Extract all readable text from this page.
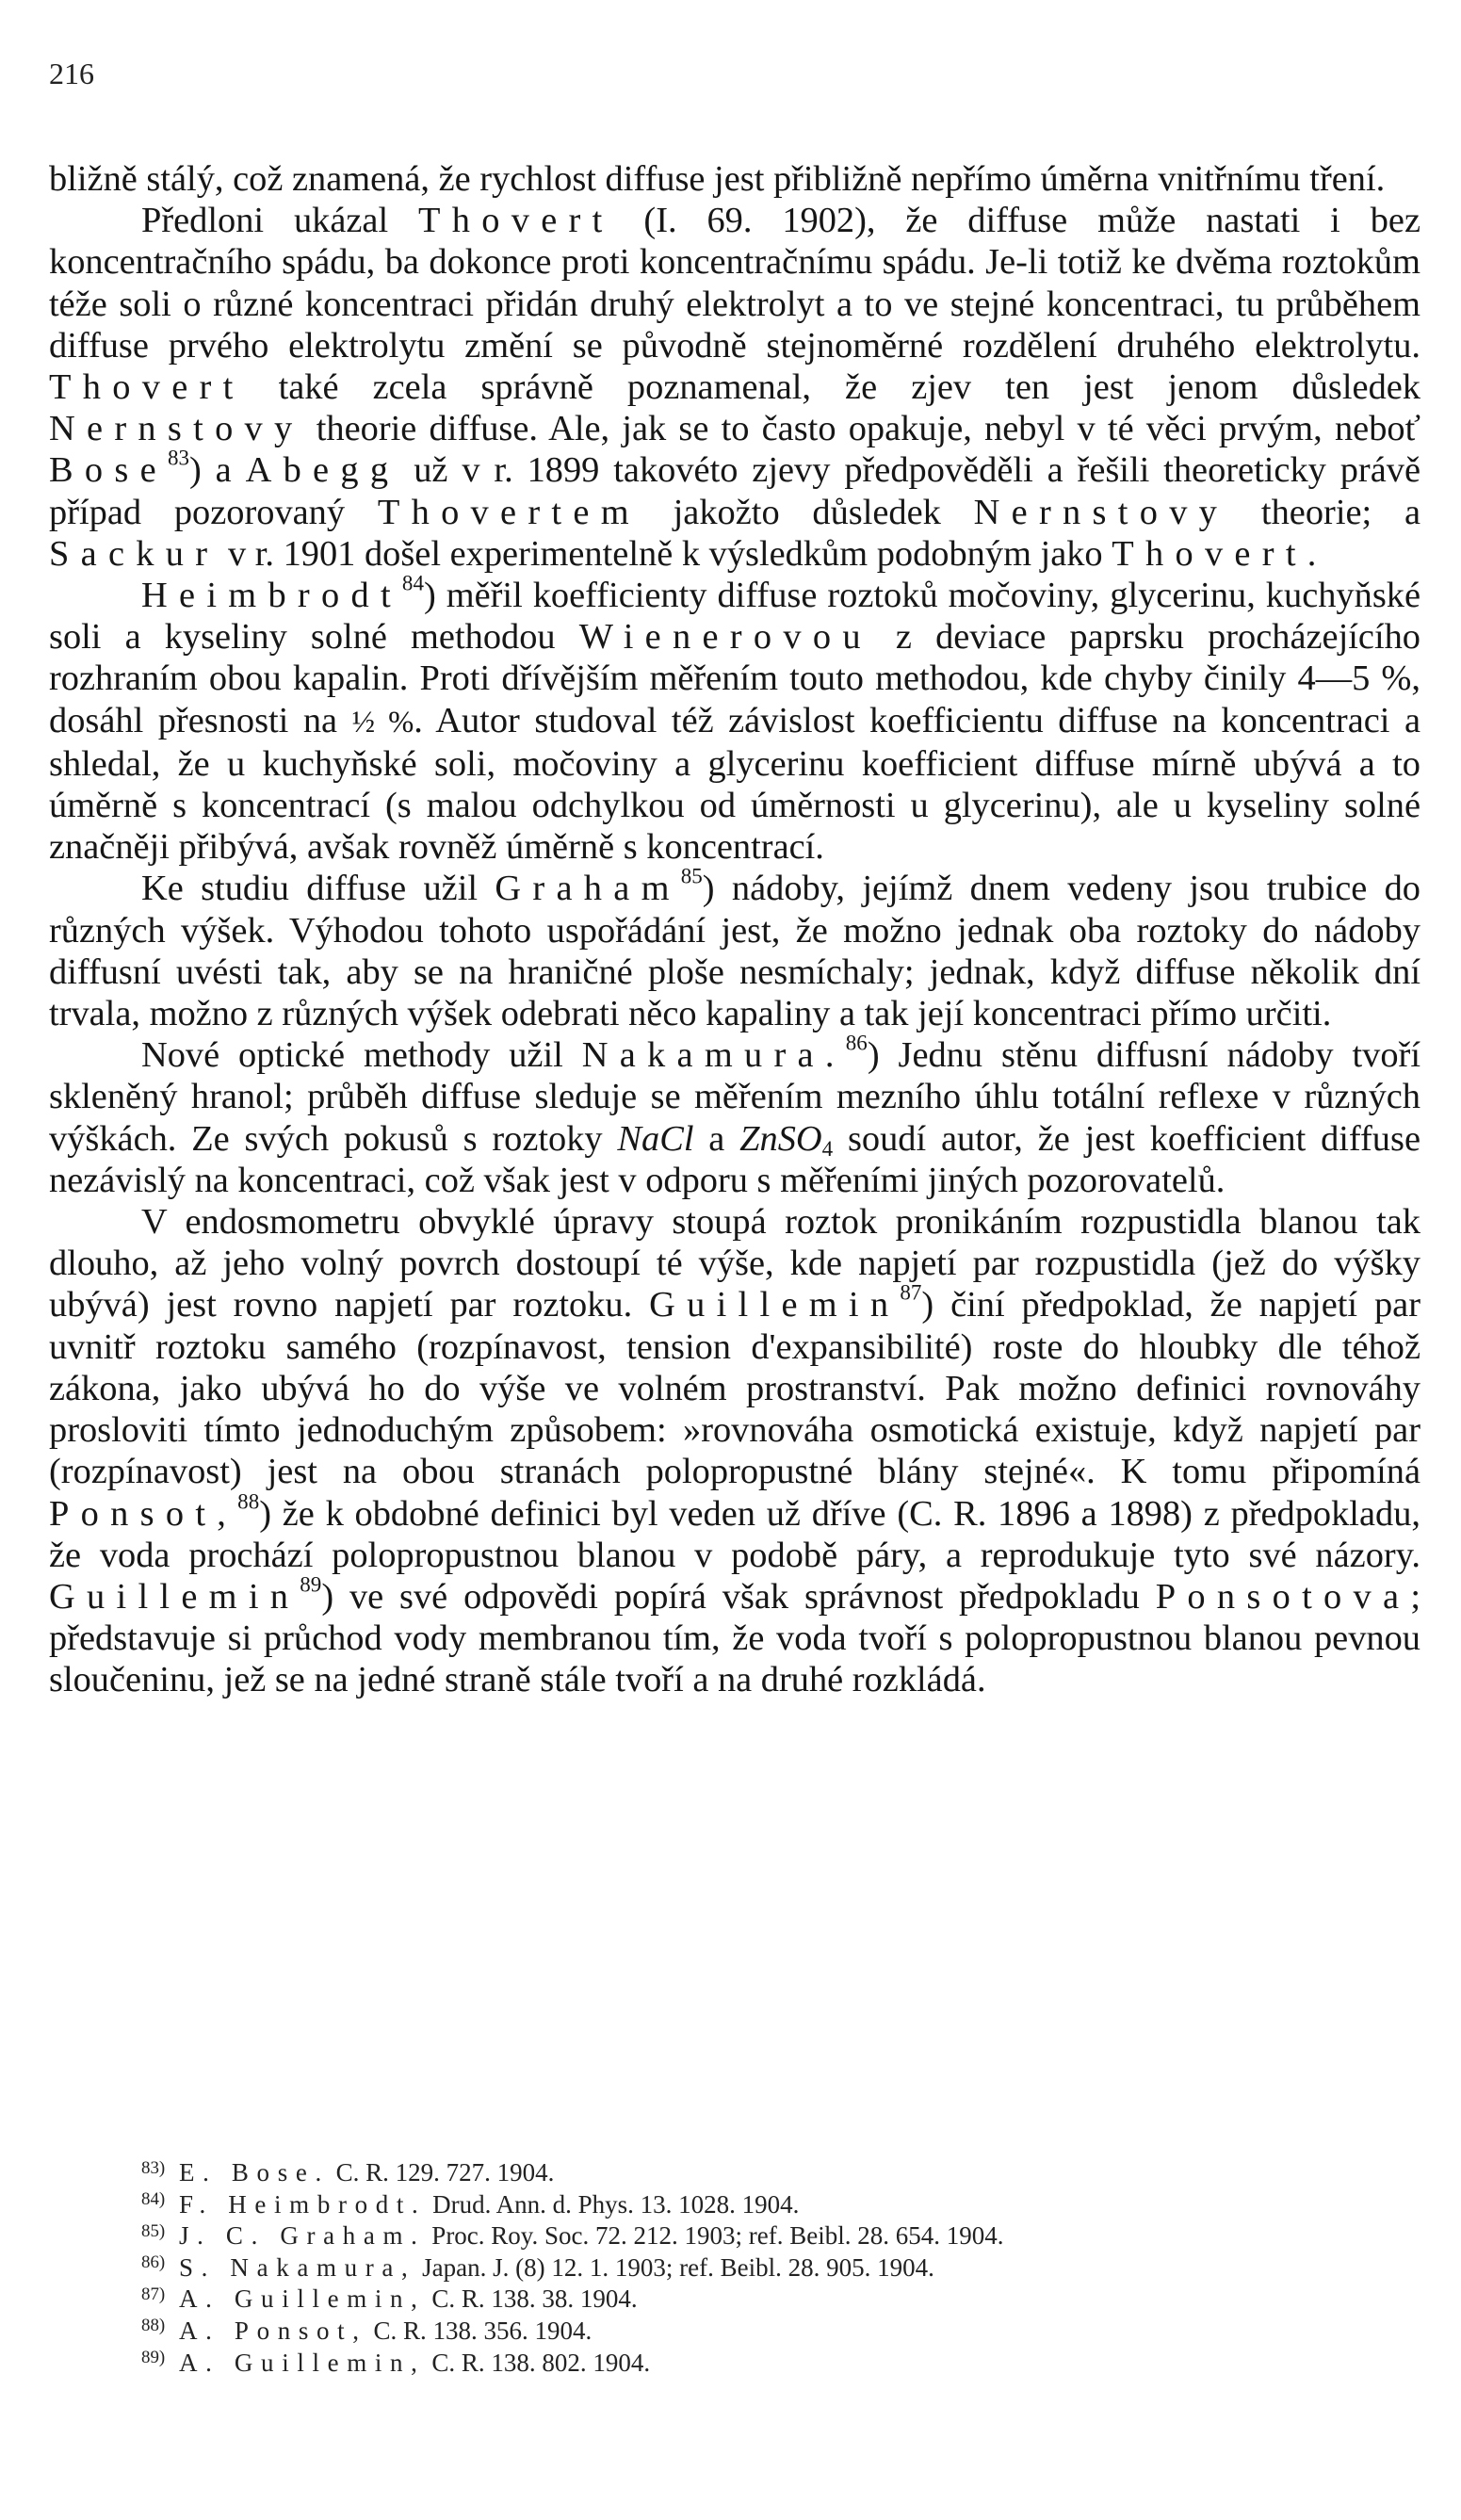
216

bližně stálý, což znamená, že rychlost diffuse jest přibližně nepřímo úměrna vnitřnímu tření.

Předloni ukázal Thovert (I. 69. 1902), že diffuse může nastati i bez koncentračního spádu, ba dokonce proti koncentračnímu spádu. Je-li totiž ke dvěma roztokům téže soli o různé koncentraci přidán druhý elektrolyt a to ve stejné koncentraci, tu průběhem diffuse prvého elektrolytu změní se původně stejnoměrné rozdělení druhého elektrolytu. Thovert také zcela správně poznamenal, že zjev ten jest jenom důsledek Nernstovy theorie diffuse. Ale, jak se to často opakuje, nebyl v té věci prvým, neboť Bose$^{83}$) a Abegg už v r. 1899 takovéto zjevy předpověděli a řešili theoreticky právě případ pozorovaný Thovertem jakožto důsledek Nernstovy theorie; a Sackur v r. 1901 došel experimentelně k výsledkům podobným jako Thovert.

Heimbrodt$^{84}$) měřil koefficienty diffuse roztoků močoviny, glycerinu, kuchyňské soli a kyseliny solné methodou Wienerovou z deviace paprsku procházejícího rozhraním obou kapalin. Proti dřívějším měřením touto methodou, kde chyby činily 4—5 %, dosáhl přesnosti na ½ %. Autor studoval též závislost koefficientu diffuse na koncentraci a shledal, že u kuchyňské soli, močoviny a glycerinu koefficient diffuse mírně ubývá a to úměrně s koncentrací (s malou odchylkou od úměrnosti u glycerinu), ale u kyseliny solné značněji přibývá, avšak rovněž úměrně s koncentrací.

Ke studiu diffuse užil Graham$^{85}$) nádoby, jejímž dnem vedeny jsou trubice do různých výšek. Výhodou tohoto uspořádání jest, že možno jednak oba roztoky do nádoby diffusní uvésti tak, aby se na hraničné ploše nesmíchaly; jednak, když diffuse několik dní trvala, možno z různých výšek odebrati něco kapaliny a tak její koncentraci přímo určiti.

Nové optické methody užil Nakamura.$^{86}$) Jednu stěnu diffusní nádoby tvoří skleněný hranol; průběh diffuse sleduje se měřením mezního úhlu totální reflexe v různých výškách. Ze svých pokusů s roztoky NaCl a ZnSO$_4$ soudí autor, že jest koefficient diffuse nezávislý na koncentraci, což však jest v odporu s měřeními jiných pozorovatelů.

V endosmometru obvyklé úpravy stoupá roztok pronikáním rozpustidla blanou tak dlouho, až jeho volný povrch dostoupí té výše, kde napjetí par rozpustidla (jež do výšky ubývá) jest rovno napjetí par roztoku. Guillemin$^{87}$) činí předpoklad, že napjetí par uvnitř roztoku samého (rozpínavost, tension d'expansibilité) roste do hloubky dle téhož zákona, jako ubývá ho do výše ve volném prostranství. Pak možno definici rovnováhy prosloviti tímto jednoduchým způsobem: »rovnováha osmotická existuje, když napjetí par (rozpínavost) jest na obou stranách polopropustné blány stejné«. K tomu připomíná Ponsot,$^{88}$) že k obdobné definici byl veden už dříve (C. R. 1896 a 1898) z předpokladu, že voda prochází polopropustnou blanou v podobě páry, a reprodukuje tyto své názory. Guillemin$^{89}$) ve své odpovědi popírá však správnost předpokladu Ponsotova; představuje si průchod vody membranou tím, že voda tvoří s polopropustnou blanou pevnou sloučeninu, jež se na jedné straně stále tvoří a na druhé rozkládá.

83) E. Bose. C. R. 129. 727. 1904.
84) F. Heimbrodt. Drud. Ann. d. Phys. 13. 1028. 1904.
85) J. C. Graham. Proc. Roy. Soc. 72. 212. 1903; ref. Beibl. 28. 654. 1904.
86) S. Nakamura, Japan. J. (8) 12. 1. 1903; ref. Beibl. 28. 905. 1904.
87) A. Guillemin, C. R. 138. 38. 1904.
88) A. Ponsot, C. R. 138. 356. 1904.
89) A. Guillemin, C. R. 138. 802. 1904.
